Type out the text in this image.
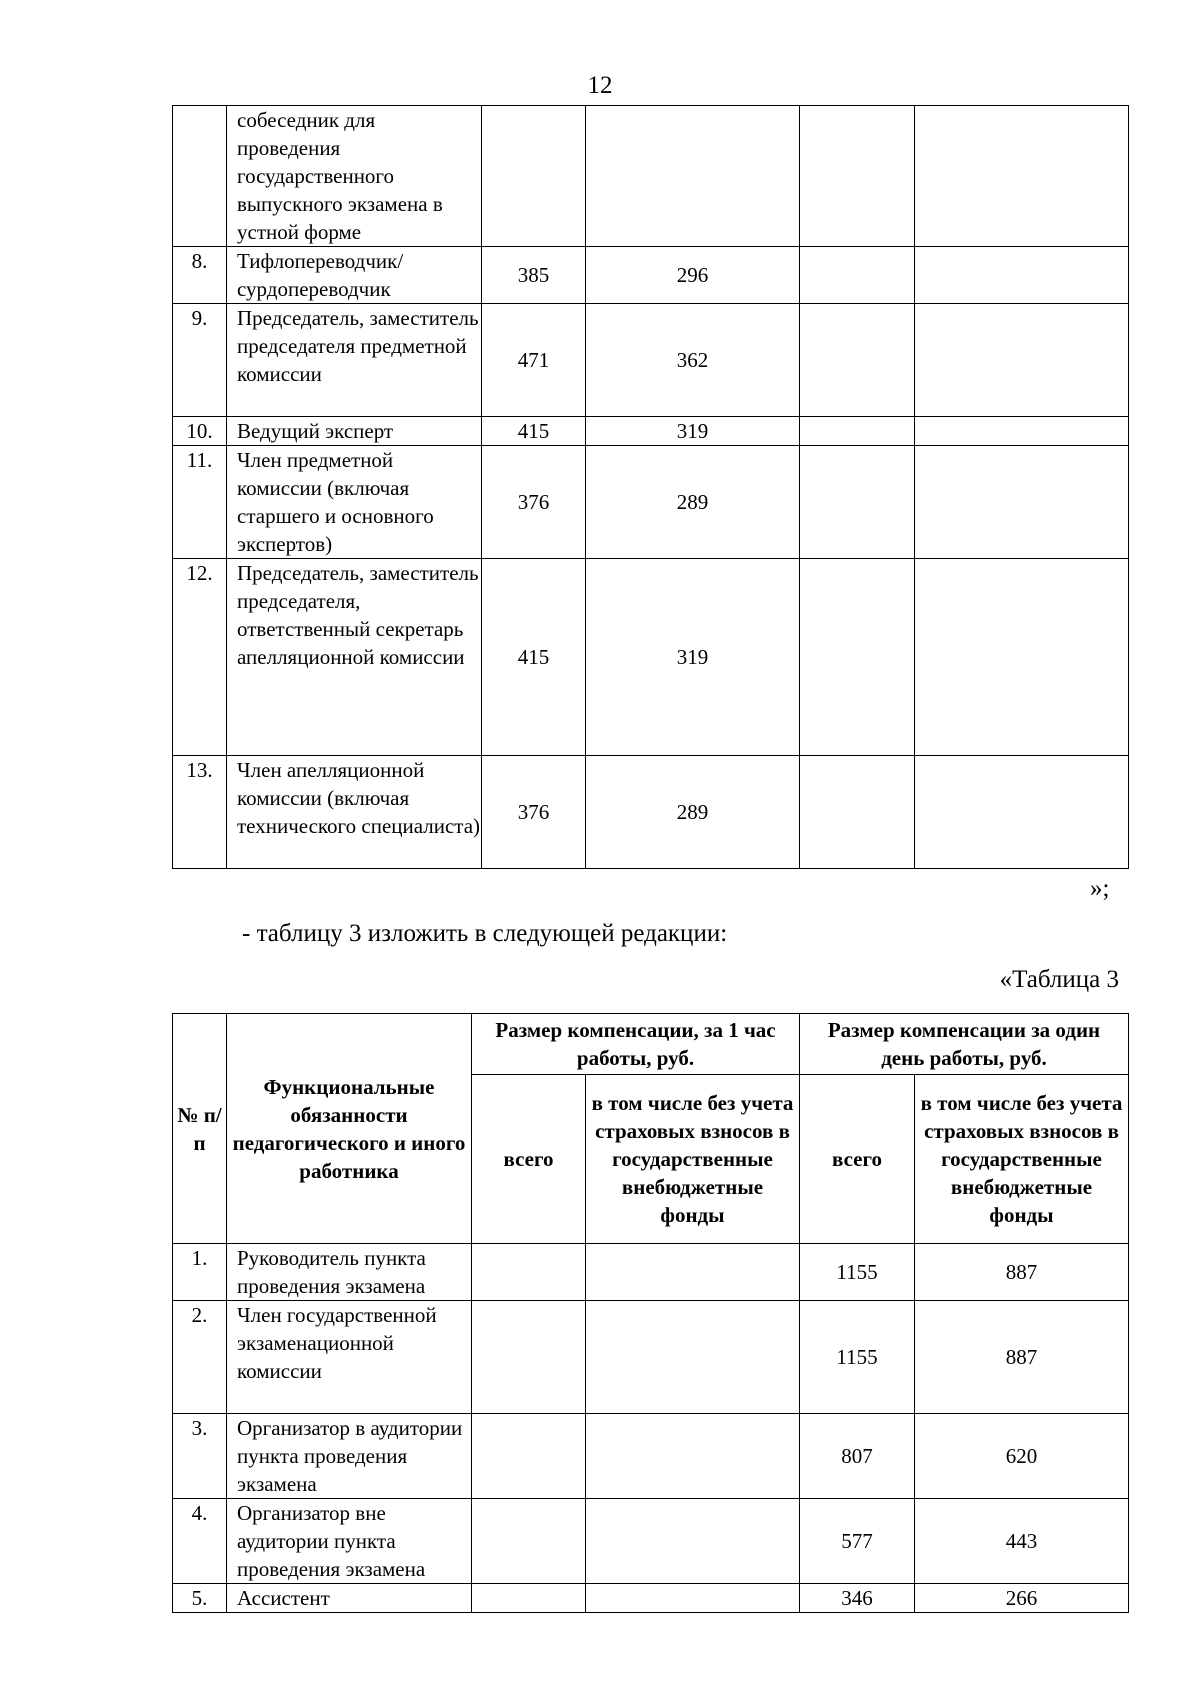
12
	собеседник для проведения государственного выпускного экзамена в устной форме				
8.	Тифлопереводчик/ сурдопереводчик	385	296		
9.	Председатель, заместитель председателя предметной комиссии	471	362		
10.	Ведущий эксперт	415	319		
11.	Член предметной комиссии (включая старшего и основного экспертов)	376	289		
12.	Председатель, заместитель председателя, ответственный секретарь апелляционной комиссии	415	319		
13.	Член апелляционной комиссии (включая технического специалиста)	376	289		
»;
- таблицу 3 изложить в следующей редакции:
«Таблица 3
№ п/ п	Функциональные обязанности педагогического и иного работника	Размер компенсации, за 1 час работы, руб.		Размер компенсации за один день работы, руб.	
		всего	в том числе без учета страховых взносов в государственные внебюджетные фонды	всего	в том числе без учета страховых взносов в государственные внебюджетные фонды
1.	Руководитель пункта проведения экзамена			1155	887
2.	Член государственной экзаменационной комиссии			1155	887
3.	Организатор в аудитории пункта проведения экзамена			807	620
4.	Организатор вне аудитории пункта проведения экзамена			577	443
5.	Ассистент			346	266
